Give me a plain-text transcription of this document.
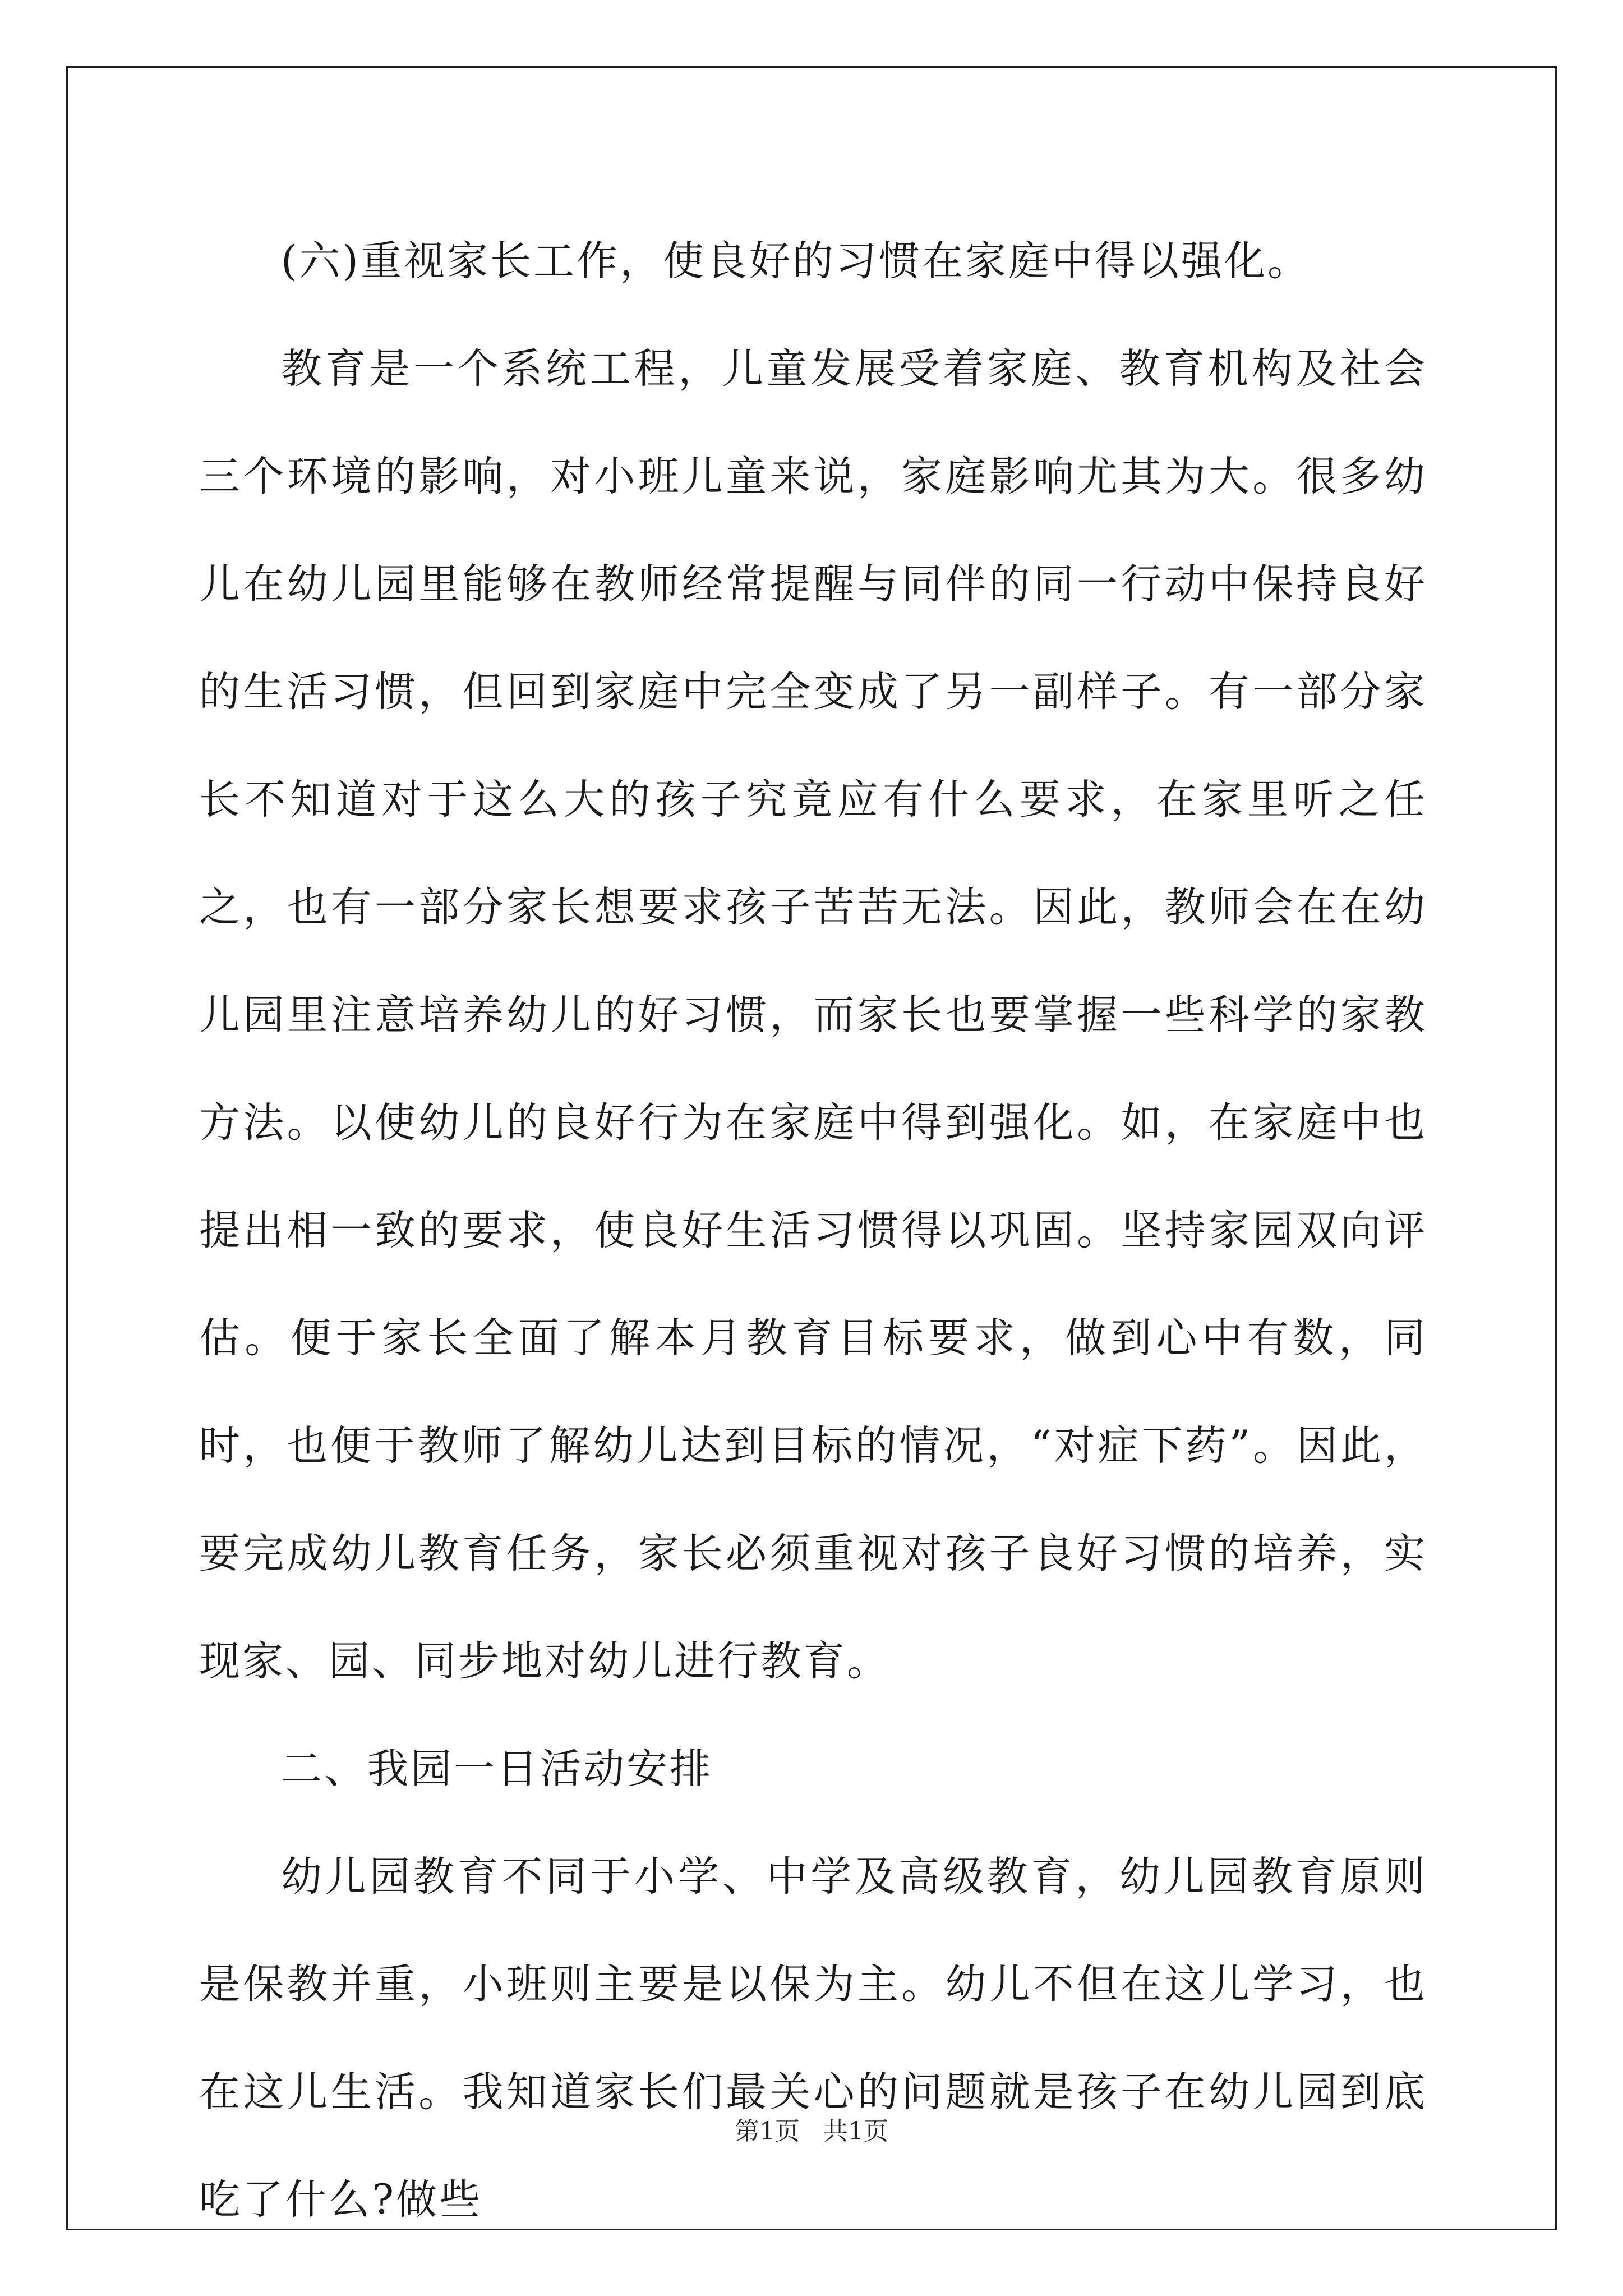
(六)重视家长工作，使良好的习惯在家庭中得以强化。

教育是一个系统工程，儿童发展受着家庭、教育机构及社会三个环境的影响，对小班儿童来说，家庭影响尤其为大。很多幼儿在幼儿园里能够在教师经常提醒与同伴的同一行动中保持良好的生活习惯，但回到家庭中完全变成了另一副样子。有一部分家长不知道对于这么大的孩子究竟应有什么要求，在家里听之任之，也有一部分家长想要求孩子苦苦无法。因此，教师会在在幼儿园里注意培养幼儿的好习惯，而家长也要掌握一些科学的家教方法。以使幼儿的良好行为在家庭中得到强化。如，在家庭中也提出相一致的要求，使良好生活习惯得以巩固。坚持家园双向评估。便于家长全面了解本月教育目标要求，做到心中有数，同时，也便于教师了解幼儿达到目标的情况，“对症下药”。因此，要完成幼儿教育任务，家长必须重视对孩子良好习惯的培养，实现家、园、同步地对幼儿进行教育。

二、我园一日活动安排

幼儿园教育不同于小学、中学及高级教育，幼儿园教育原则是保教并重，小班则主要是以保为主。幼儿不但在这儿学习，也在这儿生活。我知道家长们最关心的问题就是孩子在幼儿园到底吃了什么?做些

第1页 共1页
